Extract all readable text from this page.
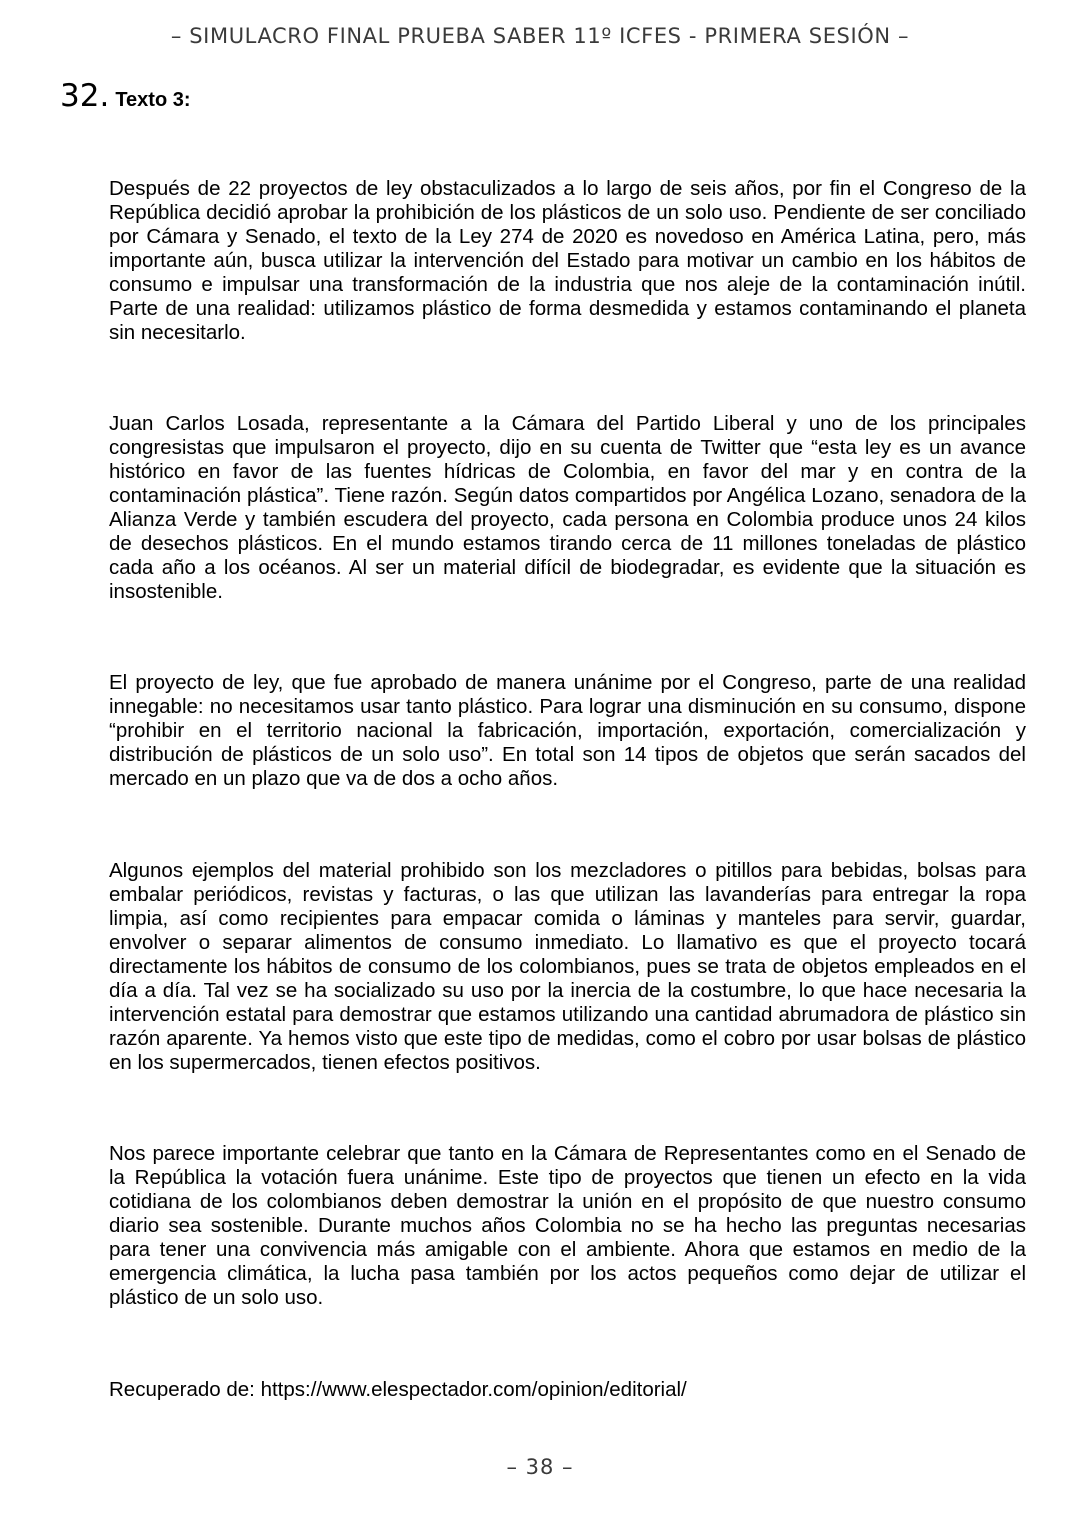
– SIMULACRO FINAL PRUEBA SABER 11º ICFES - PRIMERA SESIÓN –
32. Texto 3:

Después de 22 proyectos de ley obstaculizados a lo largo de seis años, por fin el Congreso de la República decidió aprobar la prohibición de los plásticos de un solo uso. Pendiente de ser conciliado por Cámara y Senado, el texto de la Ley 274 de 2020 es novedoso en América Latina, pero, más importante aún, busca utilizar la intervención del Estado para motivar un cambio en los hábitos de consumo e impulsar una transformación de la industria que nos aleje de la contaminación inútil. Parte de una realidad: utilizamos plástico de forma desmedida y estamos contaminando el planeta sin necesitarlo.

Juan Carlos Losada, representante a la Cámara del Partido Liberal y uno de los principales congresistas que impulsaron el proyecto, dijo en su cuenta de Twitter que “esta ley es un avance histórico en favor de las fuentes hídricas de Colombia, en favor del mar y en contra de la contaminación plástica”. Tiene razón. Según datos compartidos por Angélica Lozano, senadora de la Alianza Verde y también escudera del proyecto, cada persona en Colombia produce unos 24 kilos de desechos plásticos. En el mundo estamos tirando cerca de 11 millones toneladas de plástico cada año a los océanos. Al ser un material difícil de biodegradar, es evidente que la situación es insostenible.

El proyecto de ley, que fue aprobado de manera unánime por el Congreso, parte de una realidad innegable: no necesitamos usar tanto plástico. Para lograr una disminución en su consumo, dispone “prohibir en el territorio nacional la fabricación, importación, exportación, comercialización y distribución de plásticos de un solo uso”. En total son 14 tipos de objetos que serán sacados del mercado en un plazo que va de dos a ocho años.

Algunos ejemplos del material prohibido son los mezcladores o pitillos para bebidas, bolsas para embalar periódicos, revistas y facturas, o las que utilizan las lavanderías para entregar la ropa limpia, así como recipientes para empacar comida o láminas y manteles para servir, guardar, envolver o separar alimentos de consumo inmediato. Lo llamativo es que el proyecto tocará directamente los hábitos de consumo de los colombianos, pues se trata de objetos empleados en el día a día. Tal vez se ha socializado su uso por la inercia de la costumbre, lo que hace necesaria la intervención estatal para demostrar que estamos utilizando una cantidad abrumadora de plástico sin razón aparente. Ya hemos visto que este tipo de medidas, como el cobro por usar bolsas de plástico en los supermercados, tienen efectos positivos.

Nos parece importante celebrar que tanto en la Cámara de Representantes como en el Senado de la República la votación fuera unánime. Este tipo de proyectos que tienen un efecto en la vida cotidiana de los colombianos deben demostrar la unión en el propósito de que nuestro consumo diario sea sostenible. Durante muchos años Colombia no se ha hecho las preguntas necesarias para tener una convivencia más amigable con el ambiente. Ahora que estamos en medio de la emergencia climática, la lucha pasa también por los actos pequeños como dejar de utilizar el plástico de un solo uso.

Recuperado de: https://www.elespectador.com/opinion/editorial/

– 38 –
